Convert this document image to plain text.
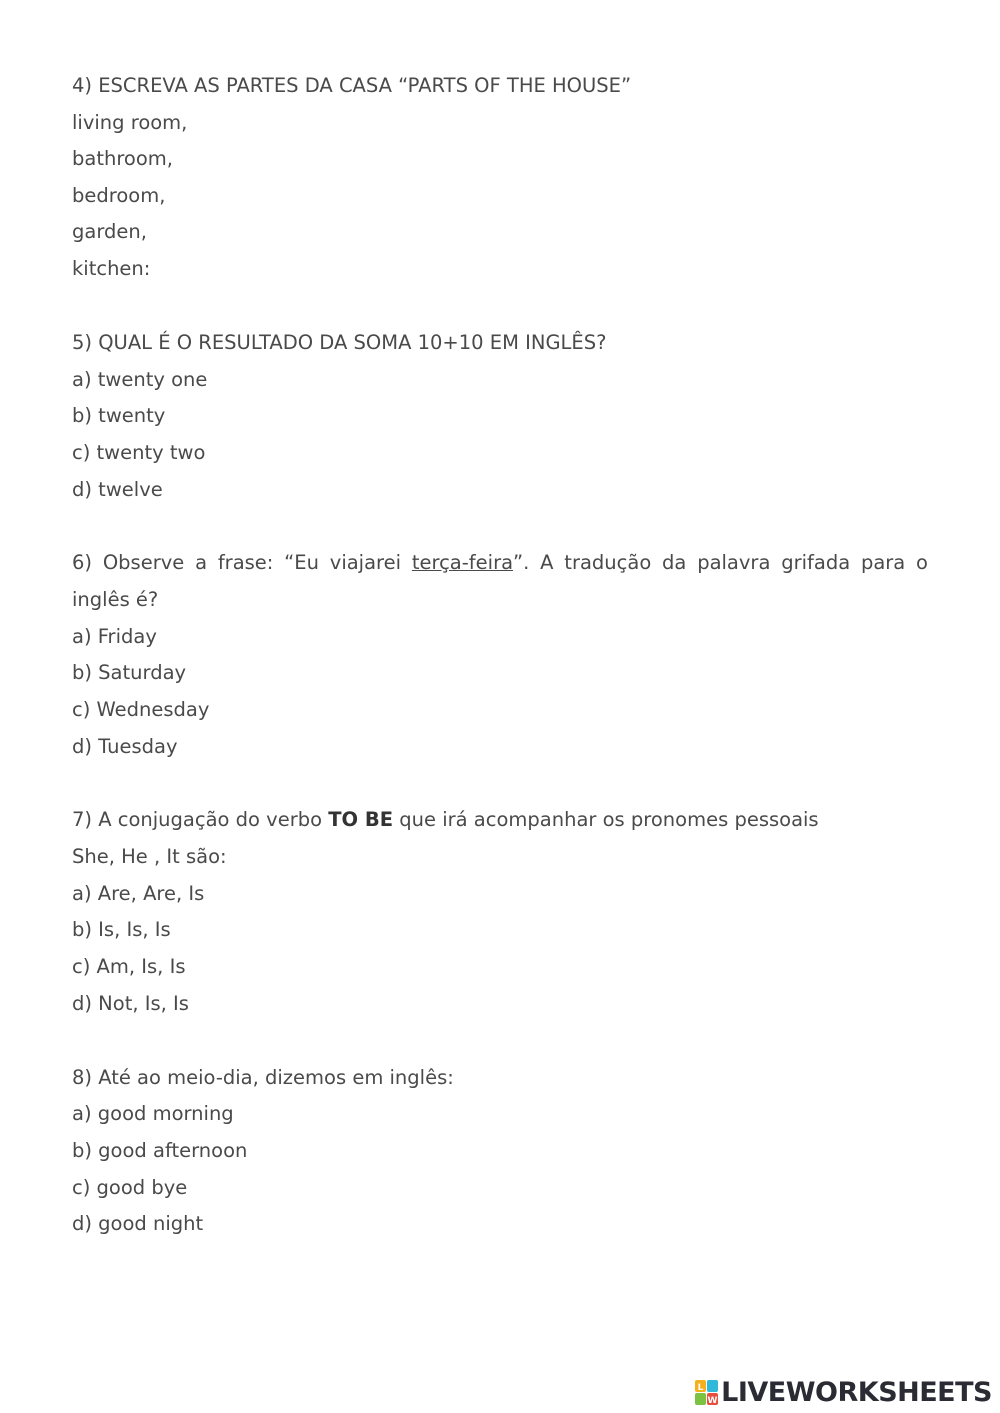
4) ESCREVA AS PARTES DA CASA “PARTS OF THE HOUSE”

living room,

bathroom,

bedroom,

garden,

kitchen:

5) QUAL É O RESULTADO DA SOMA 10+10 EM INGLÊS?

a) twenty one

b) twenty

c) twenty two

d) twelve

6) Observe a frase: “Eu viajarei terça-feira”. A tradução da palavra grifada para o

inglês é?

a) Friday

b) Saturday

c) Wednesday

d) Tuesday

7) A conjugação do verbo TO BE que irá acompanhar os pronomes pessoais

She, He , It são:

a) Are, Are, Is

b) Is, Is, Is

c) Am, Is, Is

d) Not, Is, Is

8) Até ao meio-dia, dizemos em inglês:

a) good morning

b) good afternoon

c) good bye

d) good night

L
W LIVEWORKSHEETS
